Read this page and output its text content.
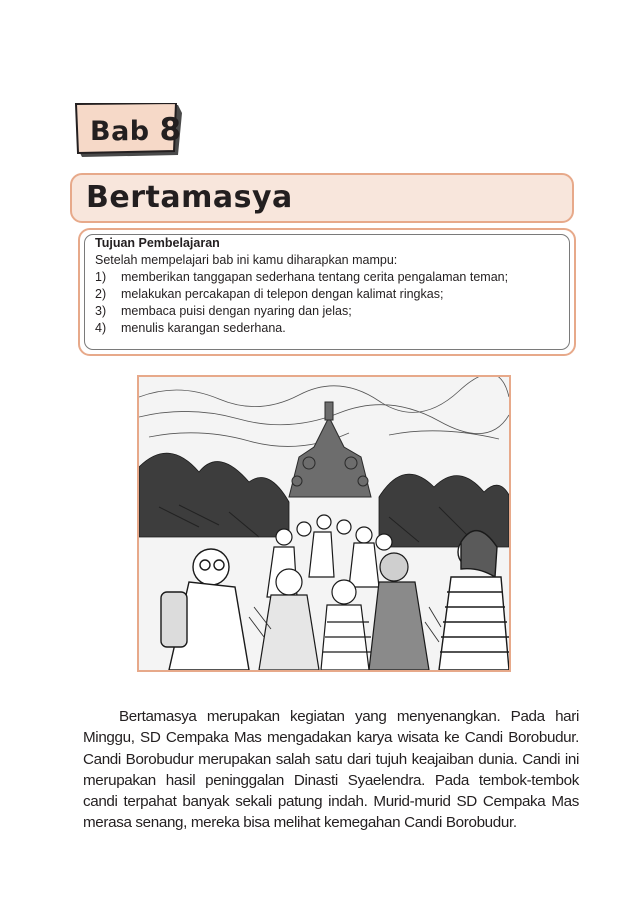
Bab 8
Bertamasya
Tujuan Pembelajaran
Setelah mempelajari bab ini kamu diharapkan mampu:
1) memberikan tanggapan sederhana tentang cerita pengalaman teman;
2) melakukan percakapan di telepon dengan kalimat ringkas;
3) membaca puisi dengan nyaring dan jelas;
4) menulis karangan sederhana.

Bertamasya merupakan kegiatan yang menyenangkan. Pada hari Minggu, SD Cempaka Mas mengadakan karya wisata ke Candi Borobudur. Candi Borobudur merupakan salah satu dari tujuh keajaiban dunia. Candi ini merupakan hasil peninggalan Dinasti Syaelendra. Pada tembok-tembok candi terpahat banyak sekali patung indah. Murid-murid SD Cempaka Mas merasa senang, mereka bisa melihat kemegahan Candi Borobudur.
